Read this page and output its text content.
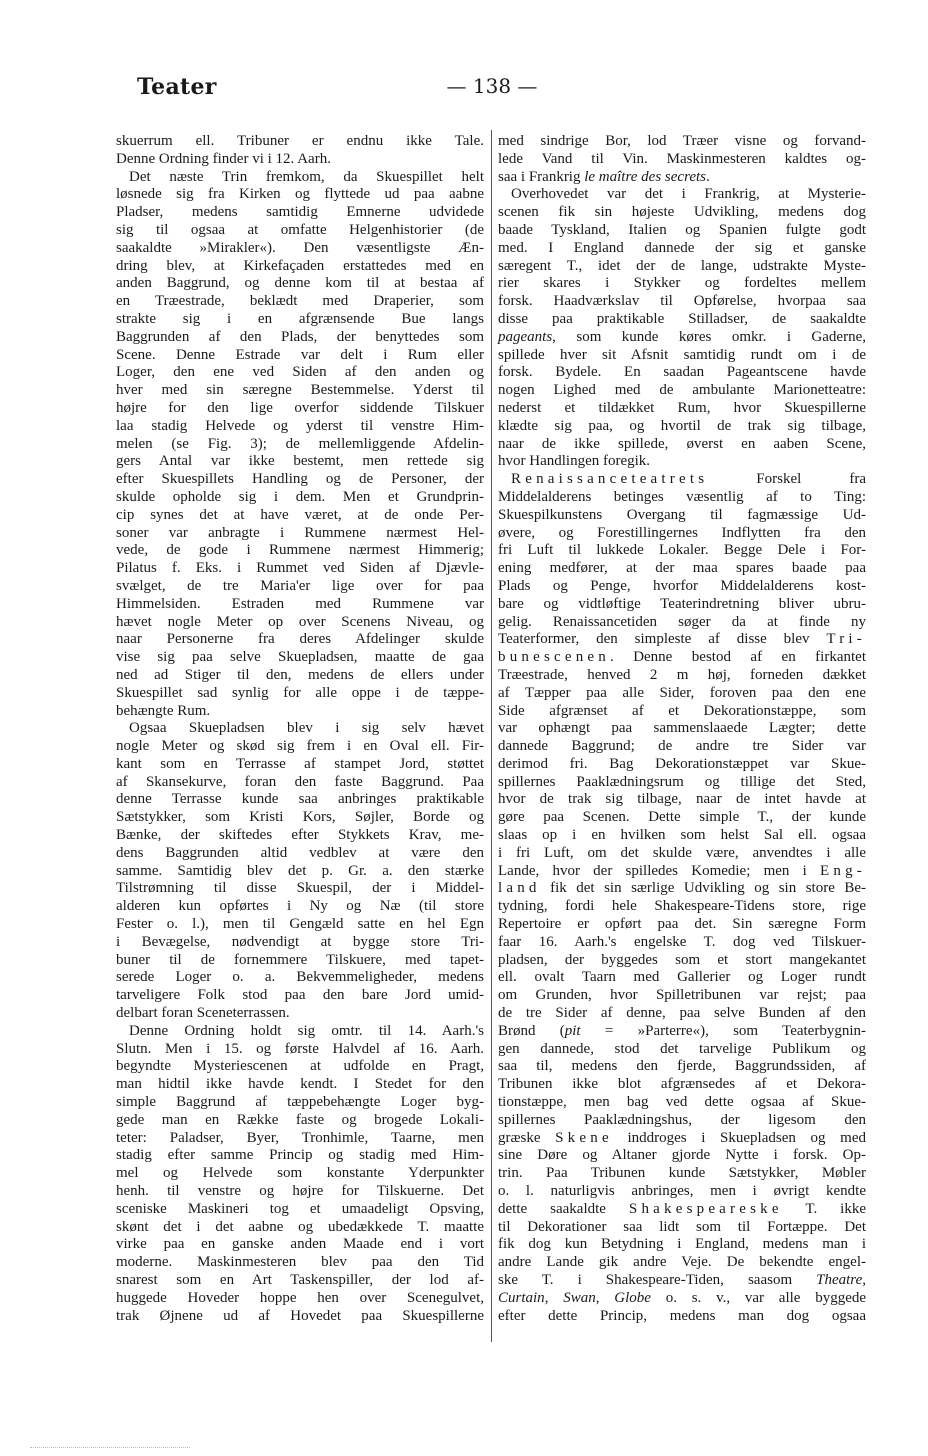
Teater	— 138 —
skuerrum ell. Tribuner er endnu ikke Tale.
Denne Ordning finder vi i 12. Aarh.
Det næste Trin fremkom, da Skuespillet helt
løsnede sig fra Kirken og flyttede ud paa aabne
Pladser, medens samtidig Emnerne udvidede
sig til ogsaa at omfatte Helgenhistorier (de
saakaldte »Mirakler«). Den væsentligste Æn-
dring blev, at Kirkefaçaden erstattedes med en
anden Baggrund, og denne kom til at bestaa af
en Træestrade, beklædt med Draperier, som
strakte sig i en afgrænsende Bue langs
Baggrunden af den Plads, der benyttedes som
Scene. Denne Estrade var delt i Rum eller
Loger, den ene ved Siden af den anden og
hver med sin særegne Bestemmelse. Yderst til
højre for den lige overfor siddende Tilskuer
laa stadig Helvede og yderst til venstre Him-
melen (se Fig. 3); de mellemliggende Afdelin-
gers Antal var ikke bestemt, men rettede sig
efter Skuespillets Handling og de Personer, der
skulde opholde sig i dem. Men et Grundprin-
cip synes det at have været, at de onde Per-
soner var anbragte i Rummene nærmest Hel-
vede, de gode i Rummene nærmest Himmerig;
Pilatus f. Eks. i Rummet ved Siden af Djævle-
svælget, de tre Maria'er lige over for paa
Himmelsiden. Estraden med Rummene var
hævet nogle Meter op over Scenens Niveau, og
naar Personerne fra deres Afdelinger skulde
vise sig paa selve Skuepladsen, maatte de gaa
ned ad Stiger til den, medens de ellers under
Skuespillet sad synlig for alle oppe i de tæppe-
behængte Rum.
Ogsaa Skuepladsen blev i sig selv hævet
nogle Meter og skød sig frem i en Oval ell. Fir-
kant som en Terrasse af stampet Jord, støttet
af Skansekurve, foran den faste Baggrund. Paa
denne Terrasse kunde saa anbringes praktikable
Sætstykker, som Kristi Kors, Søjler, Borde og
Bænke, der skiftedes efter Stykkets Krav, me-
dens Baggrunden altid vedblev at være den
samme. Samtidig blev det p. Gr. a. den stærke
Tilstrømning til disse Skuespil, der i Middel-
alderen kun opførtes i Ny og Næ (til store
Fester o. l.), men til Gengæld satte en hel Egn
i Bevægelse, nødvendigt at bygge store Tri-
buner til de fornemmere Tilskuere, med tapet-
serede Loger o. a. Bekvemmeligheder, medens
tarveligere Folk stod paa den bare Jord umid-
delbart foran Sceneterrassen.
Denne Ordning holdt sig omtr. til 14. Aarh.'s
Slutn. Men i 15. og første Halvdel af 16. Aarh.
begyndte Mysteriescenen at udfolde en Pragt,
man hidtil ikke havde kendt. I Stedet for den
simple Baggrund af tæppebehængte Loger byg-
gede man en Række faste og brogede Lokali-
teter: Paladser, Byer, Tronhimle, Taarne, men
stadig efter samme Princip og stadig med Him-
mel og Helvede som konstante Yderpunkter
henh. til venstre og højre for Tilskuerne. Det
sceniske Maskineri tog et umaadeligt Opsving,
skønt det i det aabne og ubedækkede T. maatte
virke paa en ganske anden Maade end i vort
moderne. Maskinmesteren blev paa den Tid
snarest som en Art Taskenspiller, der lod af-
huggede Hoveder hoppe hen over Scenegulvet,
trak Øjnene ud af Hovedet paa Skuespillerne
med sindrige Bor, lod Træer visne og forvand-
lede Vand til Vin. Maskinmesteren kaldtes og-
saa i Frankrig le maître des secrets.
Overhovedet var det i Frankrig, at Mysterie-
scenen fik sin højeste Udvikling, medens dog
baade Tyskland, Italien og Spanien fulgte godt
med. I England dannede der sig et ganske
særegent T., idet der de lange, udstrakte Myste-
rier skares i Stykker og fordeltes mellem
forsk. Haadværkslav til Opførelse, hvorpaa saa
disse paa praktikable Stilladser, de saakaldte
pageants, som kunde køres omkr. i Gaderne,
spillede hver sit Afsnit samtidig rundt om i de
forsk. Bydele. En saadan Pageantscene havde
nogen Lighed med de ambulante Marionetteatre:
nederst et tildækket Rum, hvor Skuespillerne
klædte sig paa, og hvortil de trak sig tilbage,
naar de ikke spillede, øverst en aaben Scene,
hvor Handlingen foregik.
Renaissanceteatrets Forskel fra
Middelalderens betinges væsentlig af to Ting:
Skuespilkunstens Overgang til fagmæssige Ud-
øvere, og Forestillingernes Indflytten fra den
fri Luft til lukkede Lokaler. Begge Dele i For-
ening medfører, at der maa spares baade paa
Plads og Penge, hvorfor Middelalderens kost-
bare og vidtløftige Teaterindretning bliver ubru-
gelig. Renaissancetiden søger da at finde ny
Teaterformer, den simpleste af disse blev Tri-
bunescenen. Denne bestod af en firkantet
Træestrade, henved 2 m høj, forneden dækket
af Tæpper paa alle Sider, foroven paa den ene
Side afgrænset af et Dekorationstæppe, som
var ophængt paa sammenslaaede Lægter; dette
dannede Baggrund; de andre tre Sider var
derimod fri. Bag Dekorationstæppet var Skue-
spillernes Paaklædningsrum og tillige det Sted,
hvor de trak sig tilbage, naar de intet havde at
gøre paa Scenen. Dette simple T., der kunde
slaas op i en hvilken som helst Sal ell. ogsaa
i fri Luft, om det skulde være, anvendtes i alle
Lande, hvor der spilledes Komedie; men i Eng-
land fik det sin særlige Udvikling og sin store Be-
tydning, fordi hele Shakespeare-Tidens store, rige
Repertoire er opført paa det. Sin særegne Form
faar 16. Aarh.'s engelske T. dog ved Tilskuer-
pladsen, der byggedes som et stort mangekantet
ell. ovalt Taarn med Gallerier og Loger rundt
om Grunden, hvor Spilletribunen var rejst; paa
de tre Sider af denne, paa selve Bunden af den
Brønd (pit = »Parterre«), som Teaterbygnin-
gen dannede, stod det tarvelige Publikum og
saa til, medens den fjerde, Baggrundssiden, af
Tribunen ikke blot afgrænsedes af et Dekora-
tionstæppe, men bag ved dette ogsaa af Skue-
spillernes Paaklædningshus, der ligesom den
græske Skene inddroges i Skuepladsen og med
sine Døre og Altaner gjorde Nytte i forsk. Op-
trin. Paa Tribunen kunde Sætstykker, Møbler
o. l. naturligvis anbringes, men i øvrigt kendte
dette saakaldte Shakespeareske T. ikke
til Dekorationer saa lidt som til Fortæppe. Det
fik dog kun Betydning i England, medens man i
andre Lande gik andre Veje. De bekendte engel-
ske T. i Shakespeare-Tiden, saasom Theatre,
Curtain, Swan, Globe o. s. v., var alle byggede
efter dette Princip, medens man dog ogsaa
